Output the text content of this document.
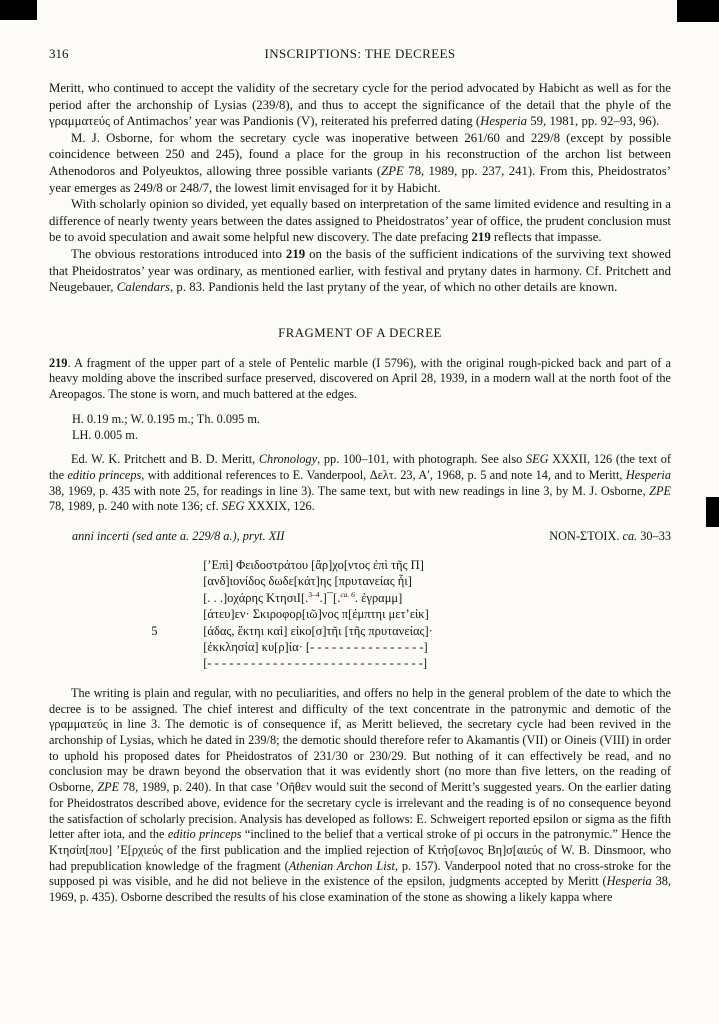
316	INSCRIPTIONS: THE DECREES

Meritt, who continued to accept the validity of the secretary cycle for the period advocated by Habicht as well as for the period after the archonship of Lysias (239/8), and thus to accept the significance of the detail that the phyle of the γραμματεύς of Antimachos’ year was Pandionis (V), reiterated his preferred dating (Hesperia 59, 1981, pp. 92–93, 96).

M. J. Osborne, for whom the secretary cycle was inoperative between 261/60 and 229/8 (except by possible coincidence between 250 and 245), found a place for the group in his reconstruction of the archon list between Athenodoros and Polyeuktos, allowing three possible variants (ZPE 78, 1989, pp. 237, 241). From this, Pheidostratos’ year emerges as 249/8 or 248/7, the lowest limit envisaged for it by Habicht.

With scholarly opinion so divided, yet equally based on interpretation of the same limited evidence and resulting in a difference of nearly twenty years between the dates assigned to Pheidostratos’ year of office, the prudent conclusion must be to avoid speculation and await some helpful new discovery. The date prefacing 219 reflects that impasse.

The obvious restorations introduced into 219 on the basis of the sufficient indications of the surviving text showed that Pheidostratos’ year was ordinary, as mentioned earlier, with festival and prytany dates in harmony. Cf. Pritchett and Neugebauer, Calendars, p. 83. Pandionis held the last prytany of the year, of which no other details are known.

FRAGMENT OF A DECREE

219. A fragment of the upper part of a stele of Pentelic marble (I 5796), with the original rough-picked back and part of a heavy molding above the inscribed surface preserved, discovered on April 28, 1939, in a modern wall at the north foot of the Areopagos. The stone is worn, and much battered at the edges.

H. 0.19 m.; W. 0.195 m.; Th. 0.095 m.
LH. 0.005 m.

Ed. W. K. Pritchett and B. D. Meritt, Chronology, pp. 100–101, with photograph. See also SEG XXXII, 126 (the text of the editio princeps, with additional references to E. Vanderpool, Δελτ. 23, Α′, 1968, p. 5 and note 14, and to Meritt, Hesperia 38, 1969, p. 435 with note 25, for readings in line 3). The same text, but with new readings in line 3, by M. J. Osborne, ZPE 78, 1989, p. 240 with note 136; cf. SEG XXXIX, 126.

anni incerti (sed ante a. 229/8 a.), pryt. XII	NON-ΣΤΟΙΧ. ca. 30–33
[’Επὶ] Φειδοστράτου [ἄρ]χο[ντος ἐπὶ τῆς Π]
[ανδ]ιονίδος δωδε[κάτ]ης [πρυτανείας ἧι]
[. . .]οχάρης ΚτησιΙ[.$^{3-4}$.]¯[.$^{ca. 6}$. ἐγραμμ]
[άτευ]εν· Σκιροφορ[ιῶ]νος π[έμπτηι μετ’εἰκ]
5	[άδας, ἕκτηι καὶ] εἰκο[σ]τῆι [τῆς πρυτανείας]·
[ἐκκλησία] κυ[ρ]ία· [- - - - - - - - - - - - - - - -]
[- - - - - - - - - - - - - - - - - - - - - - - - - - - - - -]

The writing is plain and regular, with no peculiarities, and offers no help in the general problem of the date to which the decree is to be assigned. The chief interest and difficulty of the text concentrate in the patronymic and demotic of the γραμματεύς in line 3. The demotic is of consequence if, as Meritt believed, the secretary cycle had been revived in the archonship of Lysias, which he dated in 239/8; the demotic should therefore refer to Akamantis (VII) or Oineis (VIII) in order to uphold his proposed dates for Pheidostratos of 231/30 or 230/29. But nothing of it can effectively be read, and no conclusion may be drawn beyond the observation that it was evidently short (no more than five letters, on the reading of Osborne, ZPE 78, 1989, p. 240). In that case ’Οῆθεν would suit the second of Meritt’s suggested years. On the earlier dating for Pheidostratos described above, evidence for the secretary cycle is irrelevant and the reading is of no consequence beyond the satisfaction of scholarly precision. Analysis has developed as follows: E. Schweigert reported epsilon or sigma as the fifth letter after iota, and the editio princeps “inclined to the belief that a vertical stroke of pi occurs in the patronymic.” Hence the Κτησίπ[που] ’Ε[ρχιεύς of the first publication and the implied rejection of Κτήσ[ωνος Βη]σ[αιεύς of W. B. Dinsmoor, who had prepublication knowledge of the fragment (Athenian Archon List, p. 157). Vanderpool noted that no cross-stroke for the supposed pi was visible, and he did not believe in the existence of the epsilon, judgments accepted by Meritt (Hesperia 38, 1969, p. 435). Osborne described the results of his close examination of the stone as showing a likely kappa where
